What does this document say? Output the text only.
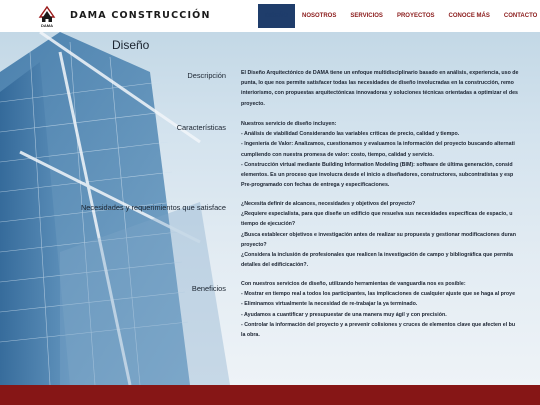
DAMA
DAMA CONSTRUCCIÓN	DISEÑO	NOSOTROS	SERVICIOS	PROYECTOS	CONOCE MÁS	CONTACTO
Diseño
Descripción	El Diseño Arquitectónico de DAMA tiene un enfoque multidisciplinario basado en análisis, experiencia, uso de
punta, lo que nos permite satisfacer todas las necesidades de diseño involucradas en la construcción, remo
interiorismo, con propuestas arquitectónicas innovadoras y soluciones técnicas orientadas a optimizar el des
proyecto.
Características	Nuestros servicio de diseño incluyen:
- Análisis de viabilidad Considerando las variables críticas de precio, calidad y tiempo.
- Ingeniería de Valor: Analizamos, cuestionamos y evaluamos la información del proyecto buscando alternati
cumpliendo con nuestra promesa de valor: costo, tiempo, calidad y servicio.
- Construcción virtual mediante Building Information Modeling (BIM): software de última generación, consid
elementos. Es un proceso que involucra desde el inicio a diseñadores, constructores, subcontratistas y esp
Pre-programado con fechas de entrega y especificaciones.
Necesidades y requerimientos que satisface	¿Necesita definir de alcances, necesidades y objetivos del proyecto?
¿Requiere especialista, para que diseñe un edificio que resuelva sus necesidades específicas de espacio, u
tiempo de ejecución?
¿Busca establecer objetivos e investigación antes de realizar su propuesta y gestionar modificaciones duran
proyecto?
¿Considera la inclusión de profesionales que realicen la investigación de campo y bibliográfica que permita
detalles del edificicación?.
Beneficios	Con nuestros servicios de diseño, utilizando herramientas de vanguardia nos es posible:
- Mostrar en tiempo real a todos los participantes, las implicaciones de cualquier ajuste que se haga al proye
- Eliminamos virtualmente la necesidad de re-trabajar la ya terminado.
- Ayudamos a cuantificar y presupuestar de una manera muy ágil y con precisión.
- Controlar la información del proyecto y a prevenir colisiones y cruces de elementos clave que afecten el bu
la obra.
